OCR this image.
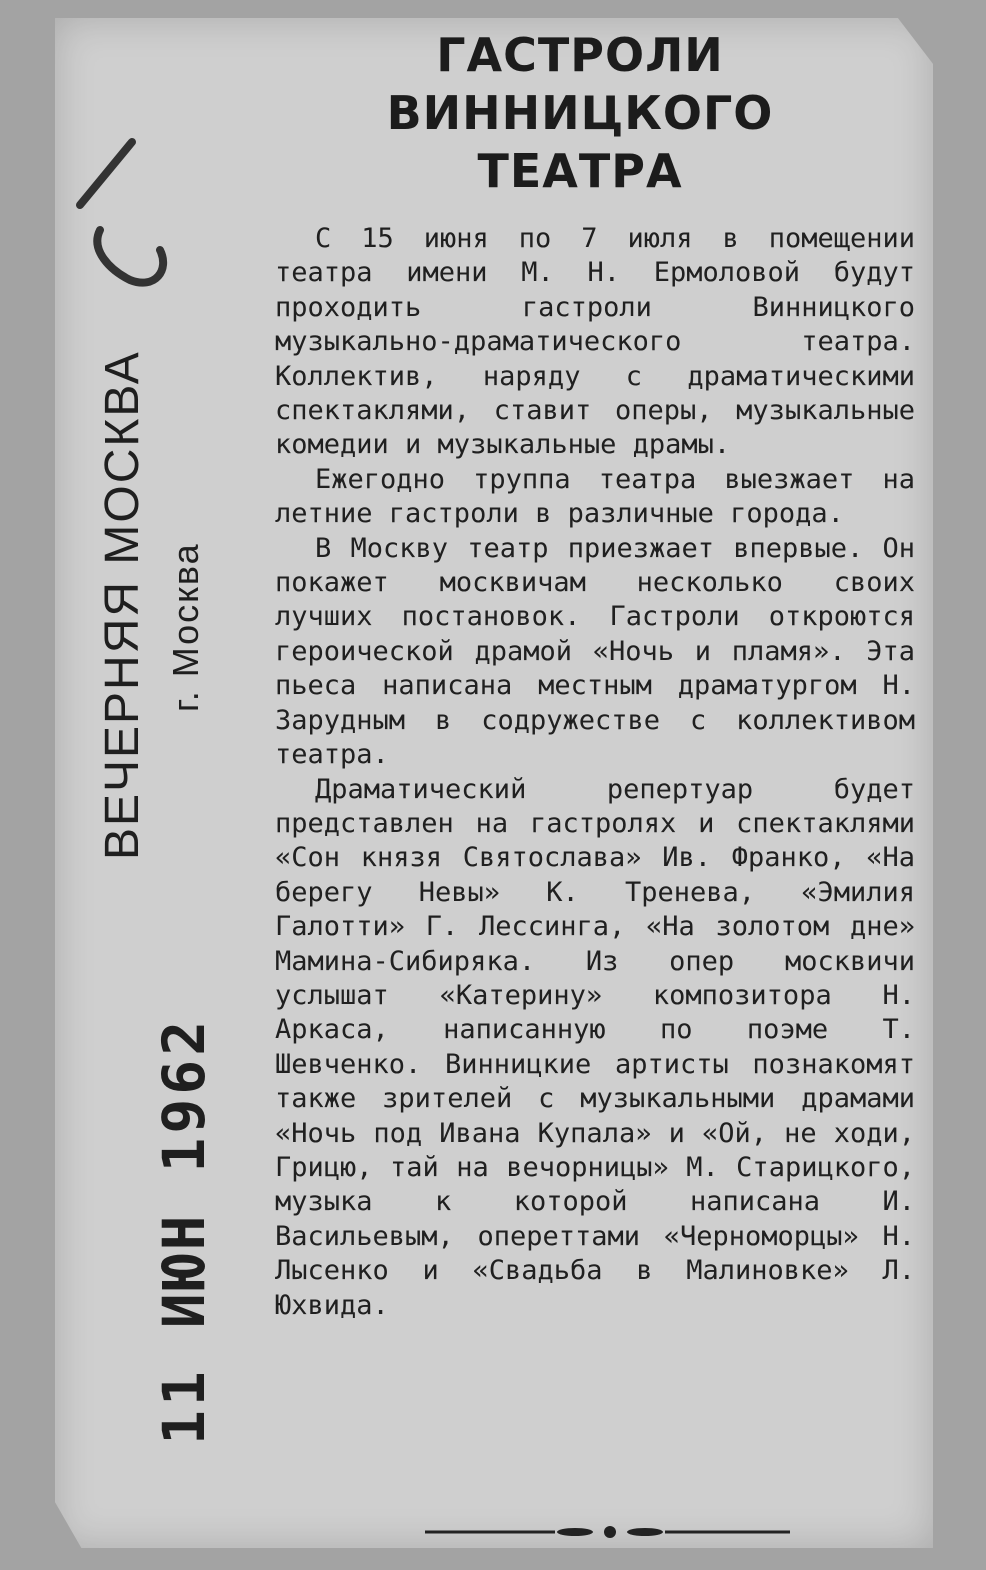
ВЕЧЕРНЯЯ МОСКВА г. Москва
11 ИЮН 1962
ГАСТРОЛИ
ВИННИЦКОГО
ТЕАТРА

С 15 июня по 7 июля в помещении театра имени М. Н. Ермоловой будут проходить гастроли Винницкого музыкально-драматического театра. Коллектив, наряду с драматическими спектаклями, ставит оперы, музыкальные комедии и музыкальные драмы.

Ежегодно труппа театра выезжает на летние гастроли в различные города.

В Москву театр приезжает впервые. Он покажет москвичам несколько своих лучших постановок. Гастроли откроются героической драмой «Ночь и пламя». Эта пьеса написана местным драматургом Н. Зарудным в содружестве с коллективом театра.

Драматический репертуар будет представлен на гастролях и спектаклями «Сон князя Святослава» Ив. Франко, «На берегу Невы» К. Тренева, «Эмилия Галотти» Г. Лессинга, «На золотом дне» Мамина-Сибиряка. Из опер москвичи услышат «Катерину» композитора Н. Аркаса, написанную по поэме Т. Шевченко. Винницкие артисты познакомят также зрителей с музыкальными драмами «Ночь под Ивана Купала» и «Ой, не ходи, Грицю, тай на вечорницы» М. Старицкого, музыка к которой написана И. Васильевым, опереттами «Черноморцы» Н. Лысенко и «Свадьба в Малиновке» Л. Юхвида.
